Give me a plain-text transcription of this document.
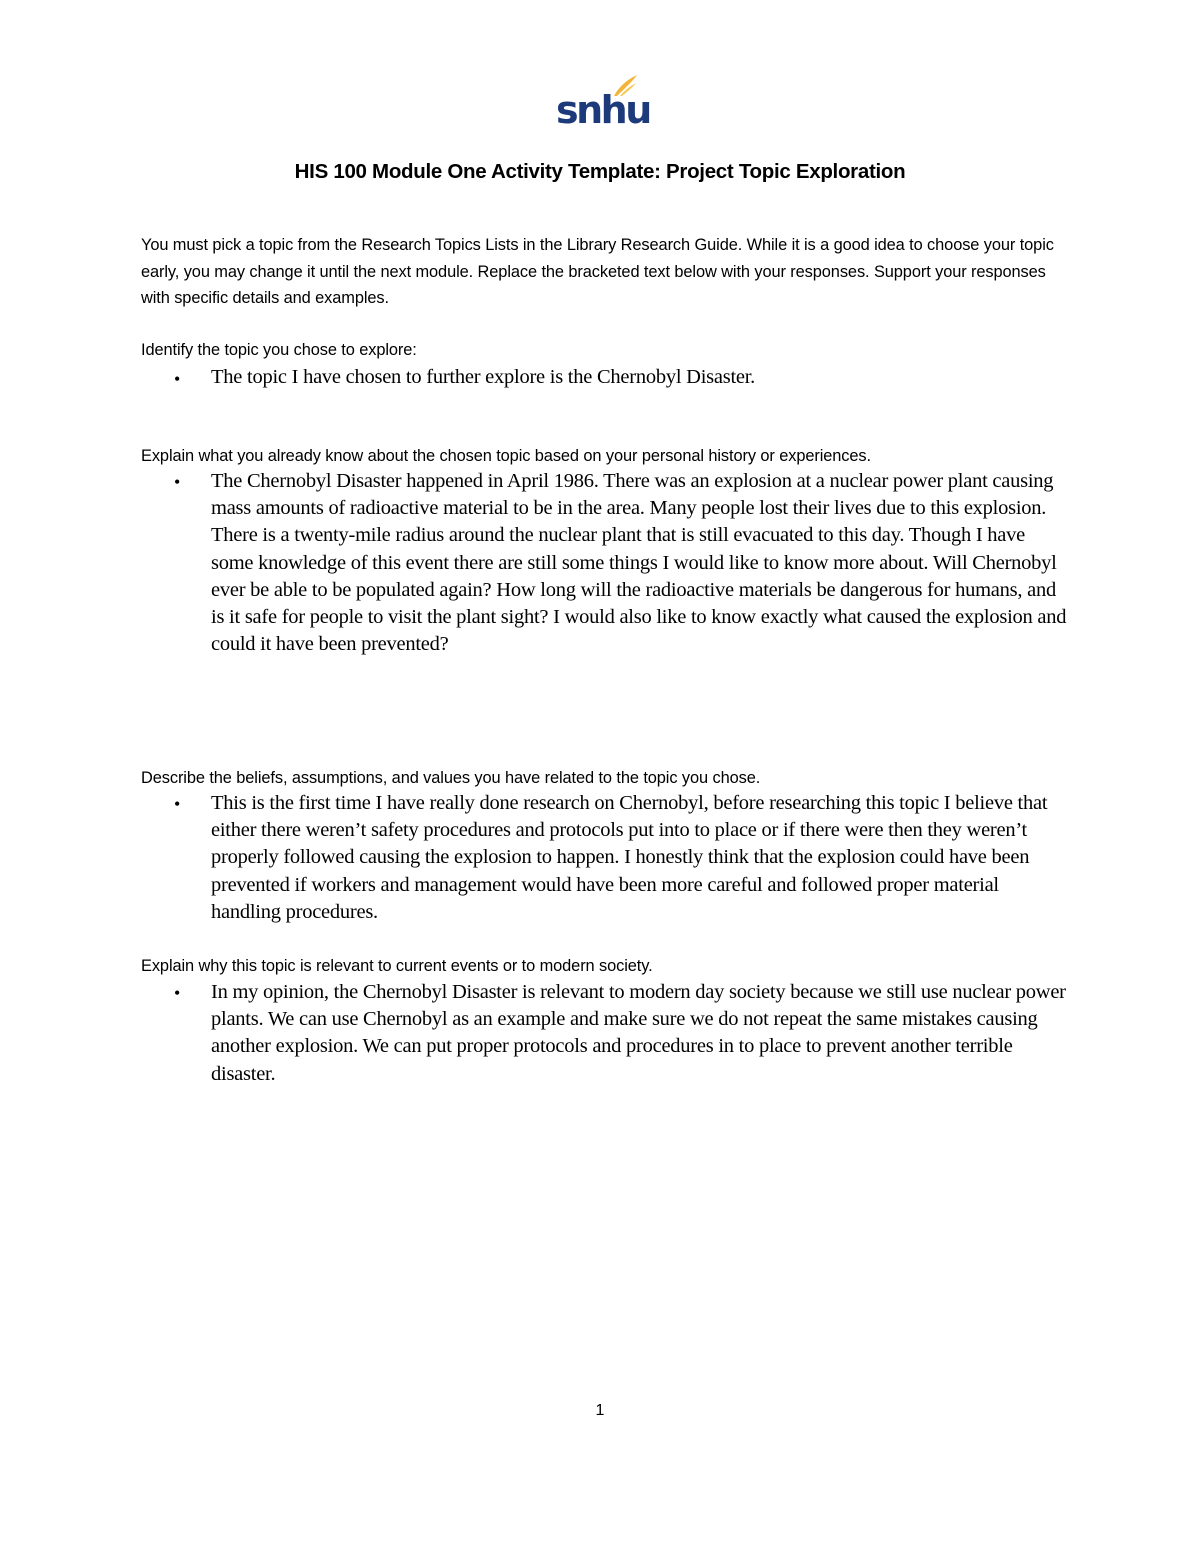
snhu
HIS 100 Module One Activity Template: Project Topic Exploration

You must pick a topic from the Research Topics Lists in the Library Research Guide. While it is a good idea to choose your topic early, you may change it until the next module. Replace the bracketed text below with your responses. Support your responses with specific details and examples.

Identify the topic you chose to explore:

• The topic I have chosen to further explore is the Chernobyl Disaster.

Explain what you already know about the chosen topic based on your personal history or experiences.

• The Chernobyl Disaster happened in April 1986. There was an explosion at a nuclear power plant causing mass amounts of radioactive material to be in the area. Many people lost their lives due to this explosion. There is a twenty-mile radius around the nuclear plant that is still evacuated to this day. Though I have some knowledge of this event there are still some things I would like to know more about. Will Chernobyl ever be able to be populated again? How long will the radioactive materials be dangerous for humans, and is it safe for people to visit the plant sight? I would also like to know exactly what caused the explosion and could it have been prevented?

Describe the beliefs, assumptions, and values you have related to the topic you chose.

• This is the first time I have really done research on Chernobyl, before researching this topic I believe that either there weren’t safety procedures and protocols put into to place or if there were then they weren’t properly followed causing the explosion to happen. I honestly think that the explosion could have been prevented if workers and management would have been more careful and followed proper material handling procedures.

Explain why this topic is relevant to current events or to modern society.

• In my opinion, the Chernobyl Disaster is relevant to modern day society because we still use nuclear power plants. We can use Chernobyl as an example and make sure we do not repeat the same mistakes causing another explosion. We can put proper protocols and procedures in to place to prevent another terrible disaster.

1
